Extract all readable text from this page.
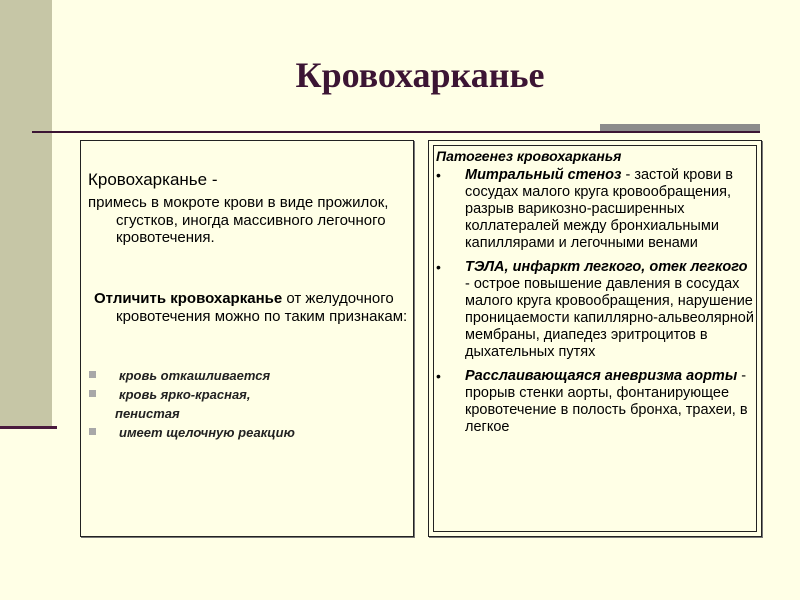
Кровохарканье
Кровохарканье -

примесь в мокроте крови в виде прожилок, сгустков, иногда массивного легочного кровотечения.

Отличить кровохарканье от желудочного кровотечения можно по таким признакам:

кровь откашливается
кровь ярко-красная,
пенистая
имеет щелочную реакцию
Патогенез кровохарканья
• Митральный стеноз - застой крови в сосудах малого круга кровообращения, разрыв варикозно-расширенных коллатералей между бронхиальными капиллярами и легочными венами
• ТЭЛА, инфаркт легкого, отек легкого - острое повышение давления в сосудах малого круга кровообращения, нарушение проницаемости капиллярно-альвеолярной мембраны, диапедез эритроцитов в дыхательных путях
• Расслаивающаяся аневризма аорты - прорыв стенки аорты, фонтанирующее кровотечение в полость бронха, трахеи, в легкое
